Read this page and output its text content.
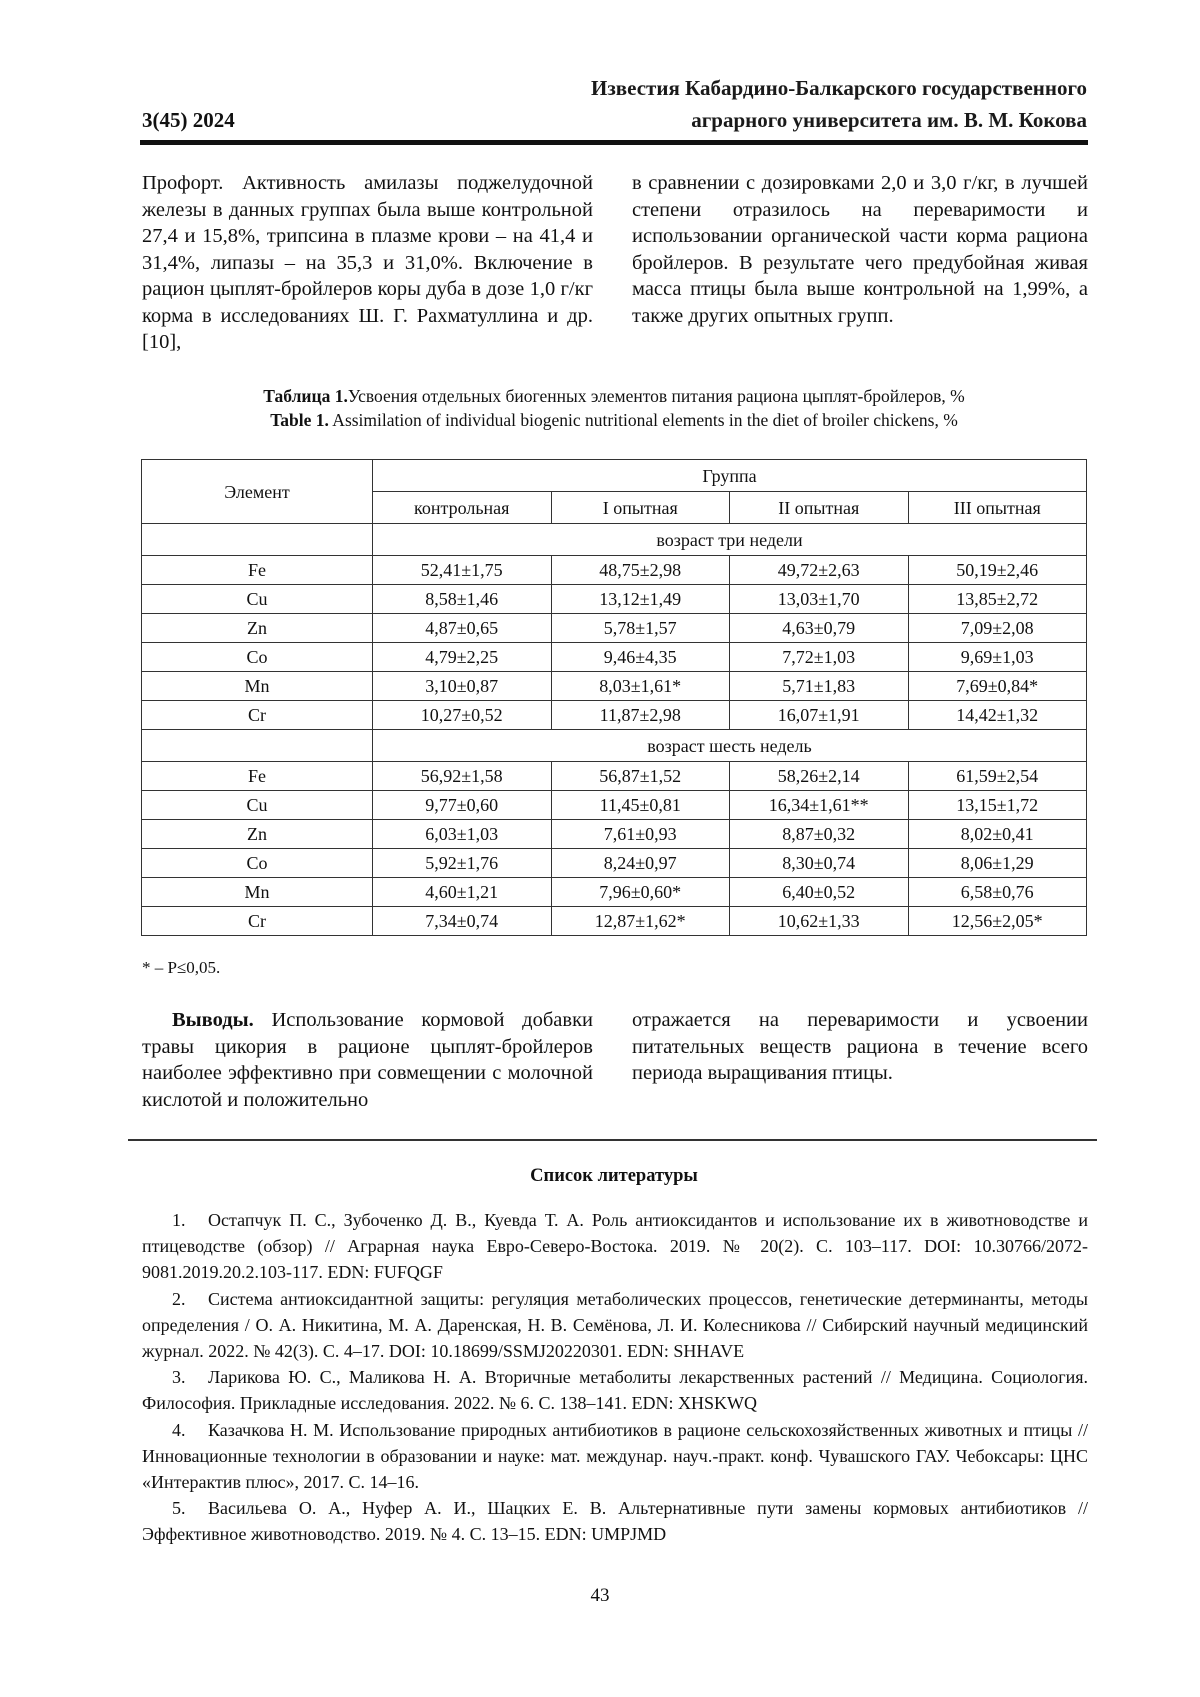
Известия Кабардино-Балкарского государственного
аграрного университета им. В. М. Кокова
3(45) 2024

Профорт. Активность амилазы поджелудочной железы в данных группах была выше контрольной 27,4 и 15,8%, трипсина в плазме крови – на 41,4 и 31,4%, липазы – на 35,3 и 31,0%. Включение в рацион цыплят-бройлеров коры дуба в дозе 1,0 г/кг корма в исследованиях Ш. Г. Рахматуллина и др. [10],

в сравнении с дозировками 2,0 и 3,0 г/кг, в лучшей степени отразилось на переваримости и использовании органической части корма рациона бройлеров. В результате чего предубойная живая масса птицы была выше контрольной на 1,99%, а также других опытных групп.

Таблица 1.Усвоения отдельных биогенных элементов питания рациона цыплят-бройлеров, %
Table 1. Assimilation of individual biogenic nutritional elements in the diet of broiler chickens, %
Элемент	Группа			
	контрольная	I опытная	II опытная	III опытная
	возраст три недели			
Fe	52,41±1,75	48,75±2,98	49,72±2,63	50,19±2,46
Cu	8,58±1,46	13,12±1,49	13,03±1,70	13,85±2,72
Zn	4,87±0,65	5,78±1,57	4,63±0,79	7,09±2,08
Co	4,79±2,25	9,46±4,35	7,72±1,03	9,69±1,03
Mn	3,10±0,87	8,03±1,61*	5,71±1,83	7,69±0,84*
Cr	10,27±0,52	11,87±2,98	16,07±1,91	14,42±1,32
	возраст шесть недель			
Fe	56,92±1,58	56,87±1,52	58,26±2,14	61,59±2,54
Cu	9,77±0,60	11,45±0,81	16,34±1,61**	13,15±1,72
Zn	6,03±1,03	7,61±0,93	8,87±0,32	8,02±0,41
Co	5,92±1,76	8,24±0,97	8,30±0,74	8,06±1,29
Mn	4,60±1,21	7,96±0,60*	6,40±0,52	6,58±0,76
Cr	7,34±0,74	12,87±1,62*	10,62±1,33	12,56±2,05*
* – P≤0,05.

Выводы. Использование кормовой добавки травы цикория в рационе цыплят-бройлеров наиболее эффективно при совмещении с молочной кислотой и положительно

отражается на переваримости и усвоении питательных веществ рациона в течение всего периода выращивания птицы.

Список литературы

1. Остапчук П. С., Зубоченко Д. В., Куевда Т. А. Роль антиоксидантов и использование их в животноводстве и птицеводстве (обзор) // Аграрная наука Евро-Северо-Востока. 2019. № 20(2). С. 103–117. DOI: 10.30766/2072-9081.2019.20.2.103-117. EDN: FUFQGF

2. Система антиоксидантной защиты: регуляция метаболических процессов, генетические детерминанты, методы определения / О. А. Никитина, М. А. Даренская, Н. В. Семёнова, Л. И. Колесникова // Сибирский научный медицинский журнал. 2022. № 42(3). С. 4–17. DOI: 10.18699/SSMJ20220301. EDN: SHHAVE

3. Ларикова Ю. С., Маликова Н. А. Вторичные метаболиты лекарственных растений // Медицина. Социология. Философия. Прикладные исследования. 2022. № 6. С. 138–141. EDN: XHSKWQ

4. Казачкова Н. М. Использование природных антибиотиков в рационе сельскохозяйственных животных и птицы // Инновационные технологии в образовании и науке: мат. междунар. науч.-практ. конф. Чувашского ГАУ. Чебоксары: ЦНС «Интерактив плюс», 2017. С. 14–16.

5. Васильева О. А., Нуфер А. И., Шацких Е. В. Альтернативные пути замены кормовых антибиотиков // Эффективное животноводство. 2019. № 4. С. 13–15. EDN: UMPJMD

43
